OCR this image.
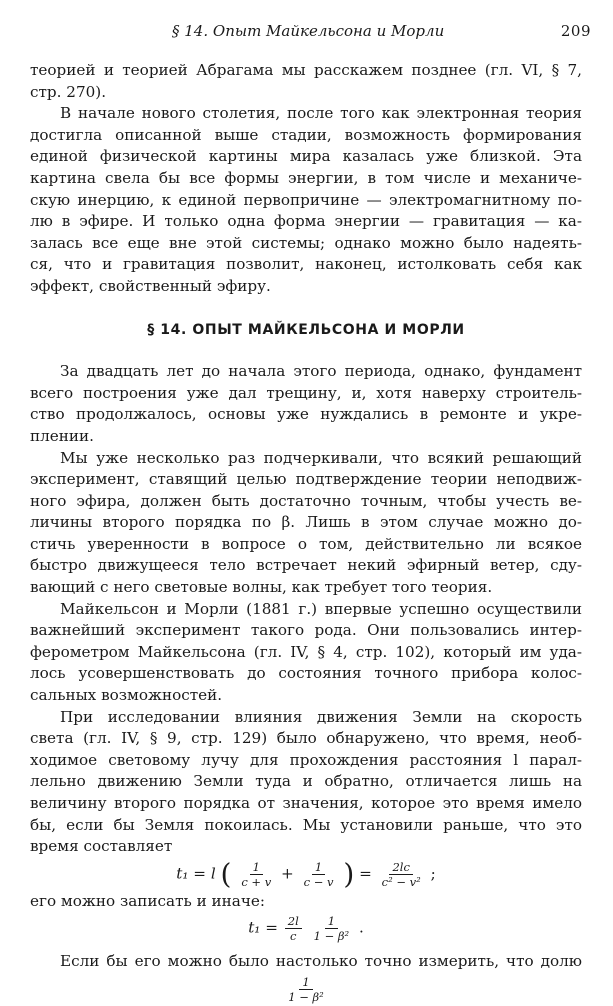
§ 14. Опыт Майкельсона и Морли	209

теорией и теорией Абрагама мы расскажем позднее (гл. VI, § 7,
стр. 270).

В начале нового столетия, после того как электронная теория
достигла описанной выше стадии, возможность формирования
единой физической картины мира казалась уже близкой. Эта
картина свела бы все формы энергии, в том числе и механиче-
скую инерцию, к единой первопричине — электромагнитному по-
лю в эфире. И только одна форма энергии — гравитация — ка-
залась все еще вне этой системы; однако можно было надеять-
ся, что и гравитация позволит, наконец, истолковать себя как
эффект, свойственный эфиру.

§ 14. ОПЫТ МАЙКЕЛЬСОНА И МОРЛИ

За двадцать лет до начала этого периода, однако, фундамент
всего построения уже дал трещину, и, хотя наверху строитель-
ство продолжалось, основы уже нуждались в ремонте и укре-
плении.

Мы уже несколько раз подчеркивали, что всякий решающий
эксперимент, ставящий целью подтверждение теории неподвиж-
ного эфира, должен быть достаточно точным, чтобы учесть ве-
личины второго порядка по β. Лишь в этом случае можно до-
стичь уверенности в вопросе о том, действительно ли всякое
быстро движущееся тело встречает некий эфирный ветер, сду-
вающий с него световые волны, как требует того теория.

Майкельсон и Морли (1881 г.) впервые успешно осуществили
важнейший эксперимент такого рода. Они пользовались интер-
ферометром Майкельсона (гл. IV, § 4, стр. 102), который им уда-
лось усовершенствовать до состояния точного прибора колос-
сальных возможностей.

При исследовании влияния движения Земли на скорость
света (гл. IV, § 9, стр. 129) было обнаружено, что время, необ-
ходимое световому лучу для прохождения расстояния l парал-
лельно движению Земли туда и обратно, отличается лишь на
величину второго порядка от значения, которое это время имело
бы, если бы Земля покоилась. Мы установили раньше, что это
время составляет

t₁ = l ( $\frac{1}{c + v} + \frac{1}{c - v}$ ) = $\frac{2lc}{\text{c² − v²}}$ ;

его можно записать и иначе:

$t_1 = \frac{2l}{c}$
$\frac{1}{\text{1 − β²}}$ .

Если бы его можно было настолько точно измерить, что долю

$\frac{1}{\text{1 − β²}}$
